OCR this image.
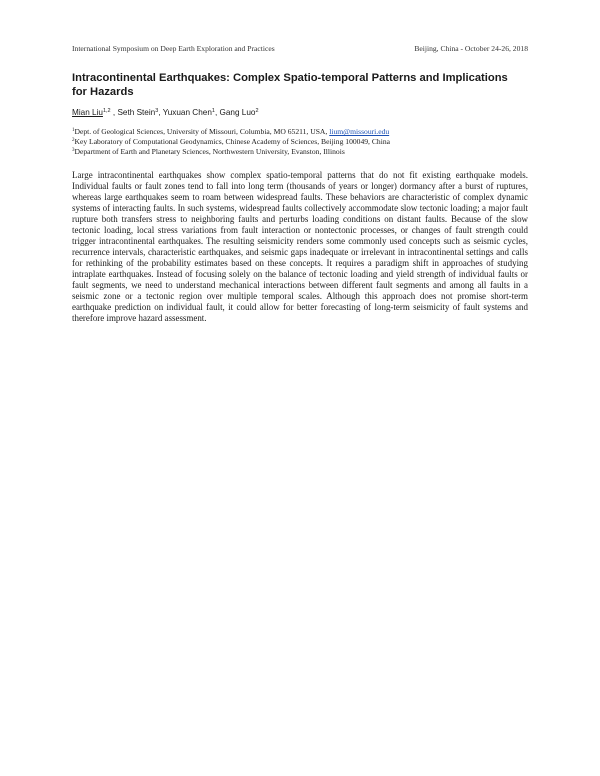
International Symposium on Deep Earth Exploration and Practices	Beijing, China - October 24-26, 2018
Intracontinental Earthquakes: Complex Spatio-temporal Patterns and Implications for Hazards
Mian Liu$^{1,2}$ , Seth Stein$^3$, Yuxuan Chen$^1$, Gang Luo$^2$
$^1$Dept. of Geological Sciences, University of Missouri, Columbia, MO 65211, USA, lium@missouri.edu
$^2$Key Laboratory of Computational Geodynamics, Chinese Academy of Sciences, Beijing 100049, China
$^3$Department of Earth and Planetary Sciences, Northwestern University, Evanston, Illinois
Large intracontinental earthquakes show complex spatio-temporal patterns that do not fit existing earthquake models. Individual faults or fault zones tend to fall into long term (thousands of years or longer) dormancy after a burst of ruptures, whereas large earthquakes seem to roam between widespread faults. These behaviors are characteristic of complex dynamic systems of interacting faults. In such systems, widespread faults collectively accommodate slow tectonic loading; a major fault rupture both transfers stress to neighboring faults and perturbs loading conditions on distant faults. Because of the slow tectonic loading, local stress variations from fault interaction or nontectonic processes, or changes of fault strength could trigger intracontinental earthquakes. The resulting seismicity renders some commonly used concepts such as seismic cycles, recurrence intervals, characteristic earthquakes, and seismic gaps inadequate or irrelevant in intracontinental settings and calls for rethinking of the probability estimates based on these concepts. It requires a paradigm shift in approaches of studying intraplate earthquakes. Instead of focusing solely on the balance of tectonic loading and yield strength of individual faults or fault segments, we need to understand mechanical interactions between different fault segments and among all faults in a seismic zone or a tectonic region over multiple temporal scales. Although this approach does not promise short-term earthquake prediction on individual fault, it could allow for better forecasting of long-term seismicity of fault systems and therefore improve hazard assessment.
